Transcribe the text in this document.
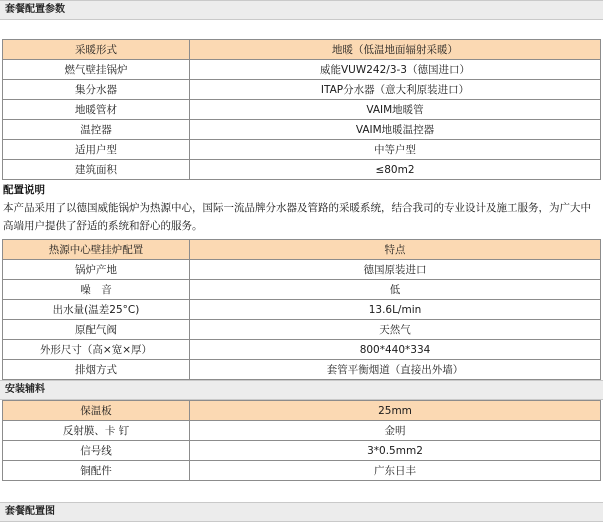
套餐配置参数
采暖形式	地暖（低温地面辐射采暖）
燃气壁挂锅炉	威能VUW242/3-3（德国进口）
集分水器	ITAP分水器（意大利原装进口）
地暖管材	VAIM地暖管
温控器	VAIM地暖温控器
适用户型	中等户型
建筑面积	≤80m2
配置说明
本产品采用了以德国威能锅炉为热源中心，国际一流品牌分水器及管路的采暖系统，结合我司的专业设计及施工服务，为广大中高端用户提供了舒适的系统和舒心的服务。
热源中心壁挂炉配置	特点
锅炉产地	德国原装进口
噪　音	低
出水量(温差25°C)	13.6L/min
原配气阀	天然气
外形尺寸（高×宽×厚）	800*440*334
排烟方式	套管平衡烟道（直接出外墙）
安装辅料
保温板	25mm
反射膜、卡 钉	金明
信号线	3*0.5mm2
铜配件	广东日丰
套餐配置图
